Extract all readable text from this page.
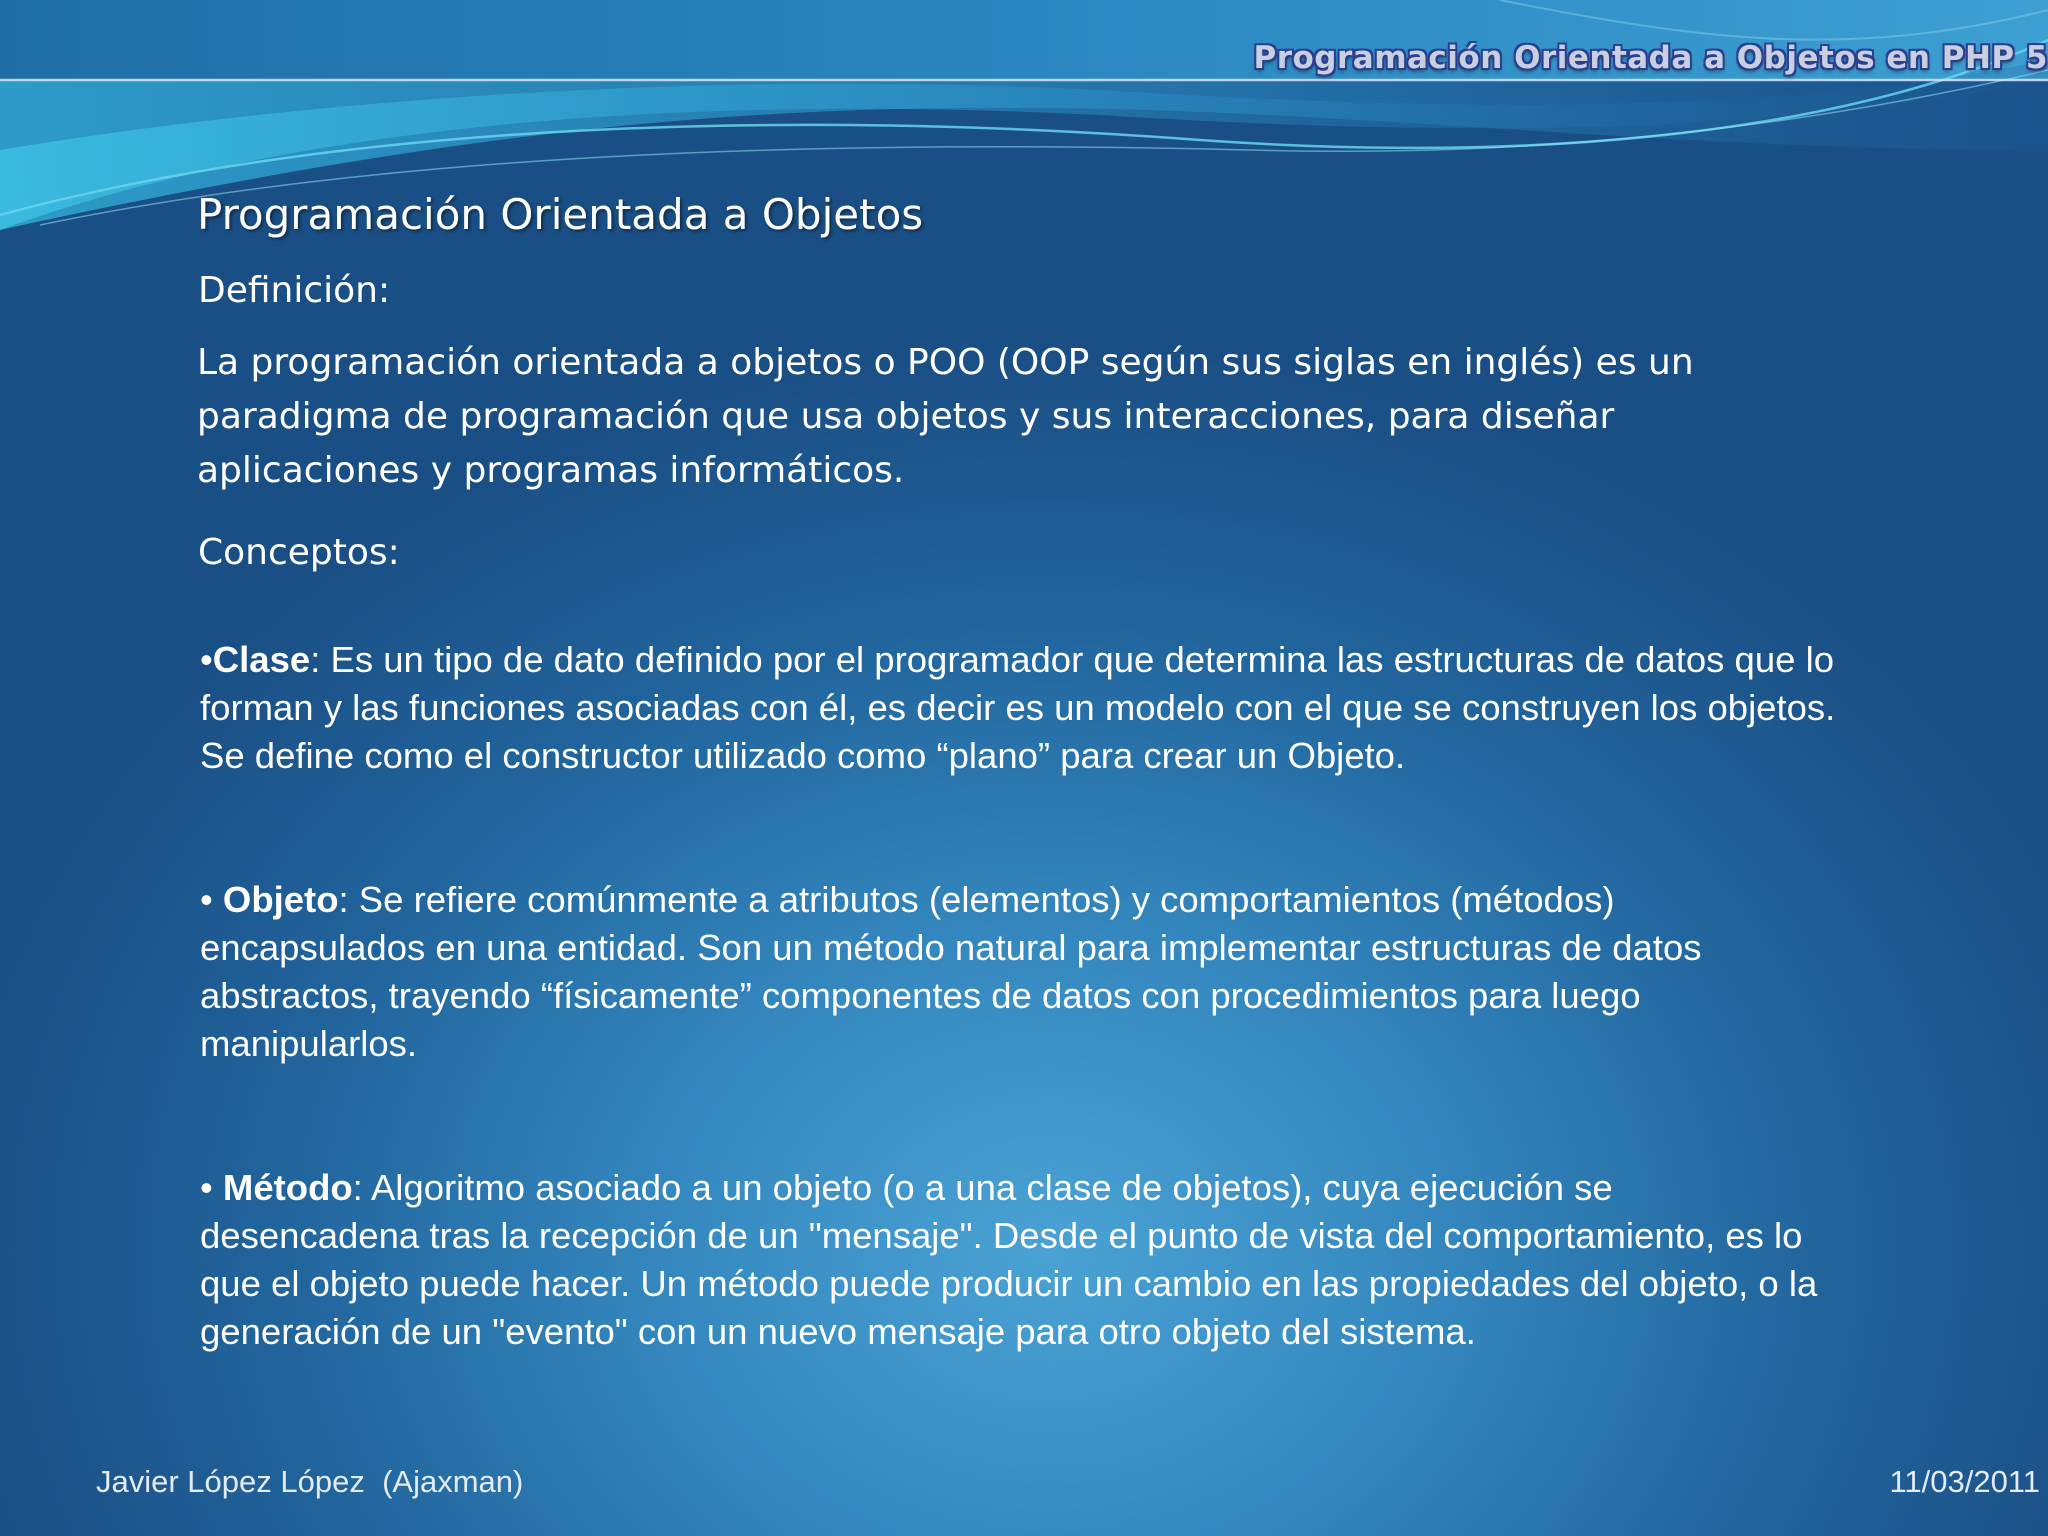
Programación Orientada a Objetos en PHP 5
Programación Orientada a Objetos
Definición:
La programación orientada a objetos o POO (OOP según sus siglas en inglés) es un paradigma de programación que usa objetos y sus interacciones, para diseñar aplicaciones y programas informáticos.
Conceptos:
•Clase: Es un tipo de dato definido por el programador que determina las estructuras de datos que lo forman y las funciones asociadas con él, es decir es un modelo con el que se construyen los objetos. Se define como el constructor utilizado como “plano” para crear un Objeto.
• Objeto: Se refiere comúnmente a atributos (elementos) y comportamientos (métodos) encapsulados en una entidad. Son un método natural para implementar estructuras de datos abstractos, trayendo “físicamente” componentes de datos con procedimientos para luego manipularlos.
• Método: Algoritmo asociado a un objeto (o a una clase de objetos), cuya ejecución se desencadena tras la recepción de un "mensaje". Desde el punto de vista del comportamiento, es lo que el objeto puede hacer. Un método puede producir un cambio en las propiedades del objeto, o la generación de un "evento" con un nuevo mensaje para otro objeto del sistema.
Javier López López  (Ajaxman)	11/03/2011
